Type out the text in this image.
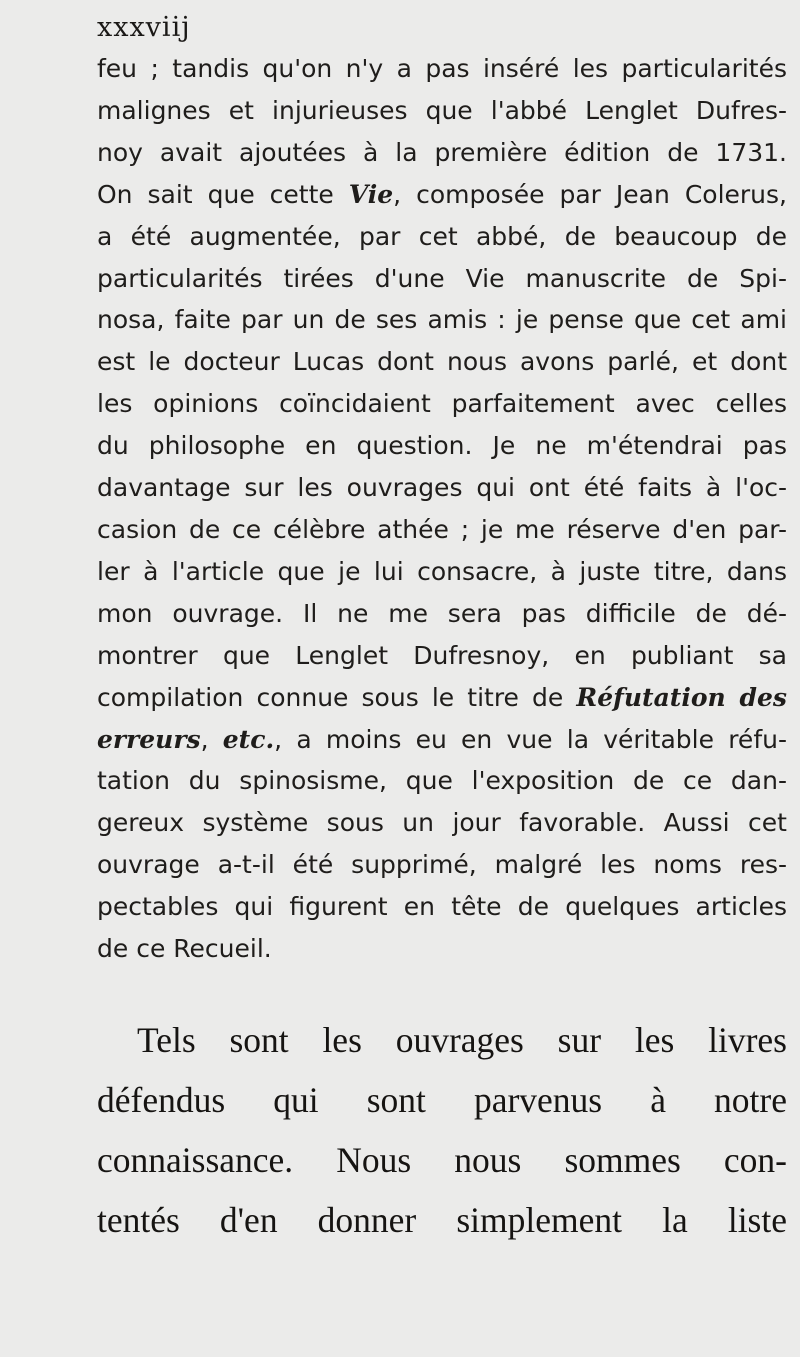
xxxviij

feu ; tandis qu'on n'y a pas inséré les particularités
malignes et injurieuses que l'abbé Lenglet Dufres-
noy avait ajoutées à la première édition de 1731.
On sait que cette Vie, composée par Jean Colerus,
a été augmentée, par cet abbé, de beaucoup de
particularités tirées d'une Vie manuscrite de Spi-
nosa, faite par un de ses amis : je pense que cet ami
est le docteur Lucas dont nous avons parlé, et dont
les opinions coïncidaient parfaitement avec celles
du philosophe en question. Je ne m'étendrai pas
davantage sur les ouvrages qui ont été faits à l'oc-
casion de ce célèbre athée ; je me réserve d'en par-
ler à l'article que je lui consacre, à juste titre, dans
mon ouvrage. Il ne me sera pas difficile de dé-
montrer que Lenglet Dufresnoy, en publiant sa
compilation connue sous le titre de Réfutation des
erreurs, etc., a moins eu en vue la véritable réfu-
tation du spinosisme, que l'exposition de ce dan-
gereux système sous un jour favorable. Aussi cet
ouvrage a-t-il été supprimé, malgré les noms res-
pectables qui figurent en tête de quelques articles
de ce Recueil.

Tels sont les ouvrages sur les livres
défendus qui sont parvenus à notre
connaissance. Nous nous sommes con-
tentés d'en donner simplement la liste
